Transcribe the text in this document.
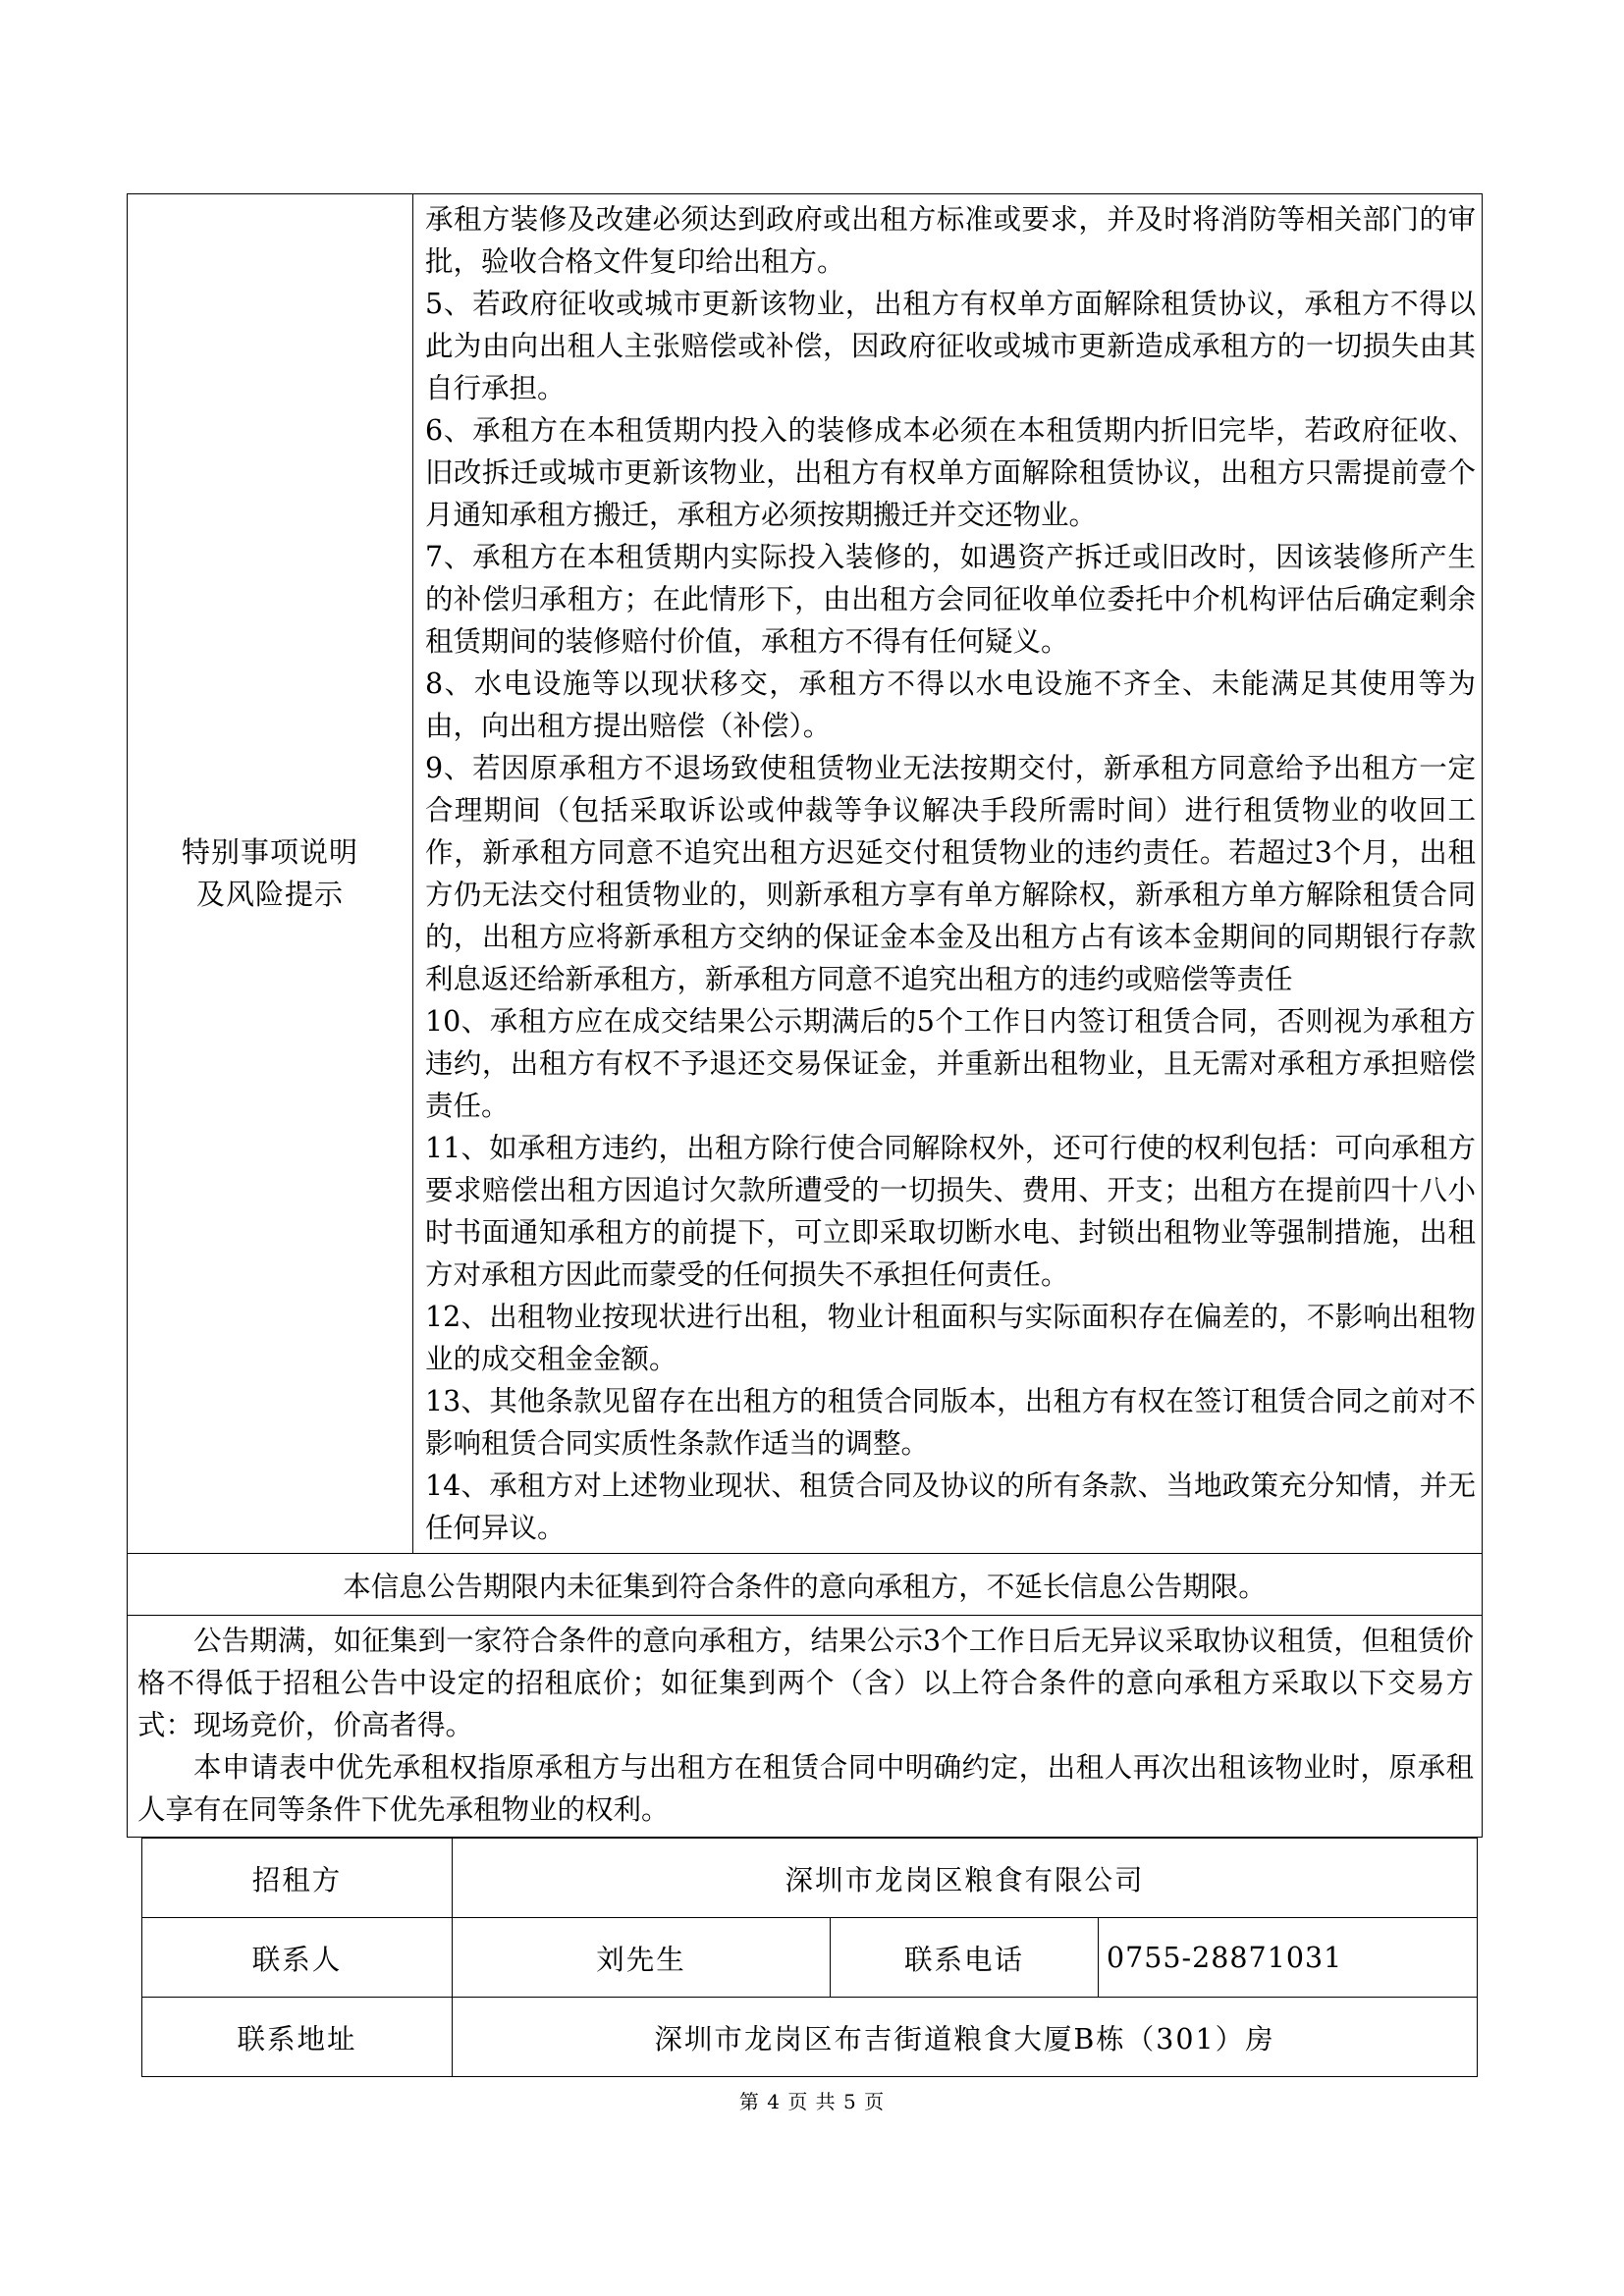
特别事项说明
及风险提示

承租方装修及改建必须达到政府或出租方标准或要求，并及时将消防等相关部门的审批，验收合格文件复印给出租方。
5、若政府征收或城市更新该物业，出租方有权单方面解除租赁协议，承租方不得以此为由向出租人主张赔偿或补偿，因政府征收或城市更新造成承租方的一切损失由其自行承担。
6、承租方在本租赁期内投入的装修成本必须在本租赁期内折旧完毕，若政府征收、旧改拆迁或城市更新该物业，出租方有权单方面解除租赁协议，出租方只需提前壹个月通知承租方搬迁，承租方必须按期搬迁并交还物业。
7、承租方在本租赁期内实际投入装修的，如遇资产拆迁或旧改时，因该装修所产生的补偿归承租方；在此情形下，由出租方会同征收单位委托中介机构评估后确定剩余租赁期间的装修赔付价值，承租方不得有任何疑义。
8、水电设施等以现状移交，承租方不得以水电设施不齐全、未能满足其使用等为由，向出租方提出赔偿（补偿）。
9、若因原承租方不退场致使租赁物业无法按期交付，新承租方同意给予出租方一定合理期间（包括采取诉讼或仲裁等争议解决手段所需时间）进行租赁物业的收回工作，新承租方同意不追究出租方迟延交付租赁物业的违约责任。若超过3个月，出租方仍无法交付租赁物业的，则新承租方享有单方解除权，新承租方单方解除租赁合同的，出租方应将新承租方交纳的保证金本金及出租方占有该本金期间的同期银行存款利息返还给新承租方，新承租方同意不追究出租方的违约或赔偿等责任
10、承租方应在成交结果公示期满后的5个工作日内签订租赁合同，否则视为承租方违约，出租方有权不予退还交易保证金，并重新出租物业，且无需对承租方承担赔偿责任。
11、如承租方违约，出租方除行使合同解除权外，还可行使的权利包括：可向承租方要求赔偿出租方因追讨欠款所遭受的一切损失、费用、开支；出租方在提前四十八小时书面通知承租方的前提下，可立即采取切断水电、封锁出租物业等强制措施，出租方对承租方因此而蒙受的任何损失不承担任何责任。
12、出租物业按现状进行出租，物业计租面积与实际面积存在偏差的，不影响出租物业的成交租金金额。
13、其他条款见留存在出租方的租赁合同版本，出租方有权在签订租赁合同之前对不影响租赁合同实质性条款作适当的调整。
14、承租方对上述物业现状、租赁合同及协议的所有条款、当地政策充分知情，并无任何异议。

本信息公告期限内未征集到符合条件的意向承租方，不延长信息公告期限。

公告期满，如征集到一家符合条件的意向承租方，结果公示3个工作日后无异议采取协议租赁，但租赁价格不得低于招租公告中设定的招租底价；如征集到两个（含）以上符合条件的意向承租方采取以下交易方式：现场竞价，价高者得。

本申请表中优先承租权指原承租方与出租方在租赁合同中明确约定，出租人再次出租该物业时，原承租人享有在同等条件下优先承租物业的权利。

招租方	深圳市龙岗区粮食有限公司		
联系人	刘先生	联系电话	0755-28871031
联系地址	深圳市龙岗区布吉街道粮食大厦B栋（301）房		
第 4 页 共 5 页
